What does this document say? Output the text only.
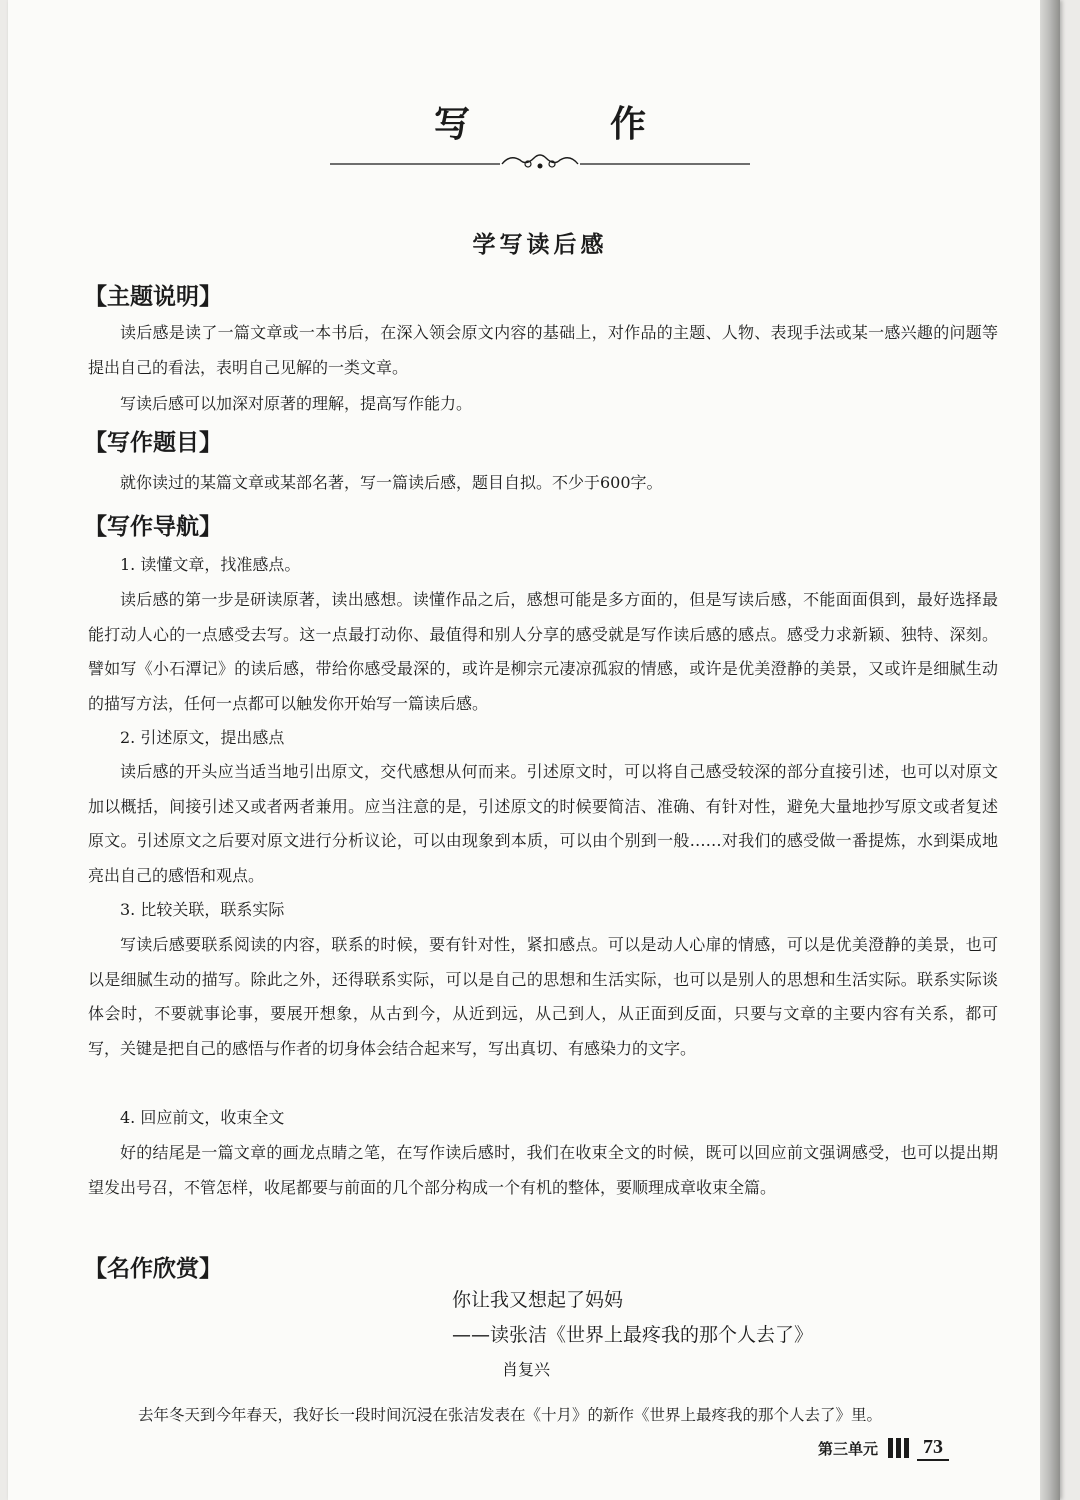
写　作
学写读后感
【主题说明】

读后感是读了一篇文章或一本书后，在深入领会原文内容的基础上，对作品的主题、人物、表现手法或某一感兴趣的问题等提出自己的看法，表明自己见解的一类文章。

写读后感可以加深对原著的理解，提高写作能力。

【写作题目】

就你读过的某篇文章或某部名著，写一篇读后感，题目自拟。不少于600字。

【写作导航】

1. 读懂文章，找准感点。

读后感的第一步是研读原著，读出感想。读懂作品之后，感想可能是多方面的，但是写读后感，不能面面俱到，最好选择最能打动人心的一点感受去写。这一点最打动你、最值得和别人分享的感受就是写作读后感的感点。感受力求新颖、独特、深刻。譬如写《小石潭记》的读后感，带给你感受最深的，或许是柳宗元凄凉孤寂的情感，或许是优美澄静的美景，又或许是细腻生动的描写方法，任何一点都可以触发你开始写一篇读后感。

2. 引述原文，提出感点

读后感的开头应当适当地引出原文，交代感想从何而来。引述原文时，可以将自己感受较深的部分直接引述，也可以对原文加以概括，间接引述又或者两者兼用。应当注意的是，引述原文的时候要简洁、准确、有针对性，避免大量地抄写原文或者复述原文。引述原文之后要对原文进行分析议论，可以由现象到本质，可以由个别到一般……对我们的感受做一番提炼，水到渠成地亮出自己的感悟和观点。

3. 比较关联，联系实际

写读后感要联系阅读的内容，联系的时候，要有针对性，紧扣感点。可以是动人心扉的情感，可以是优美澄静的美景，也可以是细腻生动的描写。除此之外，还得联系实际，可以是自己的思想和生活实际，也可以是别人的思想和生活实际。联系实际谈体会时，不要就事论事，要展开想象，从古到今，从近到远，从己到人，从正面到反面，只要与文章的主要内容有关系，都可写，关键是把自己的感悟与作者的切身体会结合起来写，写出真切、有感染力的文字。

4. 回应前文，收束全文

好的结尾是一篇文章的画龙点睛之笔，在写作读后感时，我们在收束全文的时候，既可以回应前文强调感受，也可以提出期望发出号召，不管怎样，收尾都要与前面的几个部分构成一个有机的整体，要顺理成章收束全篇。

【名作欣赏】

你让我又想起了妈妈

——读张洁《世界上最疼我的那个人去了》

肖复兴

去年冬天到今年春天，我好长一段时间沉浸在张洁发表在《十月》的新作《世界上最疼我的那个人去了》里。

第三单元	73
